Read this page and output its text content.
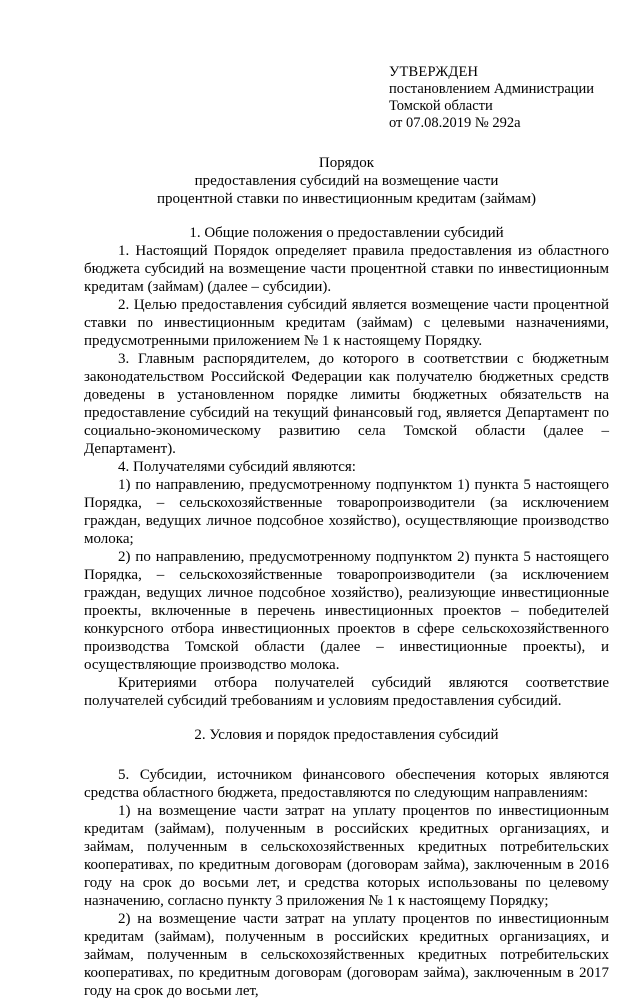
УТВЕРЖДЕН
постановлением Администрации
Томской области
от 07.08.2019 № 292а
Порядок
предоставления субсидий на возмещение части
процентной ставки по инвестиционным кредитам (займам)

1. Общие положения о предоставлении субсидий

1. Настоящий Порядок определяет правила предоставления из областного бюджета субсидий на возмещение части процентной ставки по инвестиционным кредитам (займам) (далее – субсидии).

2. Целью предоставления субсидий является возмещение части процентной ставки по инвестиционным кредитам (займам) с целевыми назначениями, предусмотренными приложением № 1 к настоящему Порядку.

3. Главным распорядителем, до которого в соответствии с бюджетным законодательством Российской Федерации как получателю бюджетных средств доведены в установленном порядке лимиты бюджетных обязательств на предоставление субсидий на текущий финансовый год, является Департамент по социально-экономическому развитию села Томской области (далее – Департамент).

4. Получателями субсидий являются:

1) по направлению, предусмотренному подпунктом 1) пункта 5 настоящего Порядка, – сельскохозяйственные товаропроизводители (за исключением граждан, ведущих личное подсобное хозяйство), осуществляющие производство молока;

2) по направлению, предусмотренному подпунктом 2) пункта 5 настоящего Порядка, – сельскохозяйственные товаропроизводители (за исключением граждан, ведущих личное подсобное хозяйство), реализующие инвестиционные проекты, включенные в перечень инвестиционных проектов – победителей конкурсного отбора инвестиционных проектов в сфере сельскохозяйственного производства Томской области (далее – инвестиционные проекты), и осуществляющие производство молока.

Критериями отбора получателей субсидий являются соответствие получателей субсидий требованиям и условиям предоставления субсидий.

2. Условия и порядок предоставления субсидий

5. Субсидии, источником финансового обеспечения которых являются средства областного бюджета, предоставляются по следующим направлениям:

1) на возмещение части затрат на уплату процентов по инвестиционным кредитам (займам), полученным в российских кредитных организациях, и займам, полученным в сельскохозяйственных кредитных потребительских кооперативах, по кредитным договорам (договорам займа), заключенным в 2016 году на срок до восьми лет, и средства которых использованы по целевому назначению, согласно пункту 3 приложения № 1 к настоящему Порядку;

2) на возмещение части затрат на уплату процентов по инвестиционным кредитам (займам), полученным в российских кредитных организациях, и займам, полученным в сельскохозяйственных кредитных потребительских кооперативах, по кредитным договорам (договорам займа), заключенным в 2017 году на срок до восьми лет,
